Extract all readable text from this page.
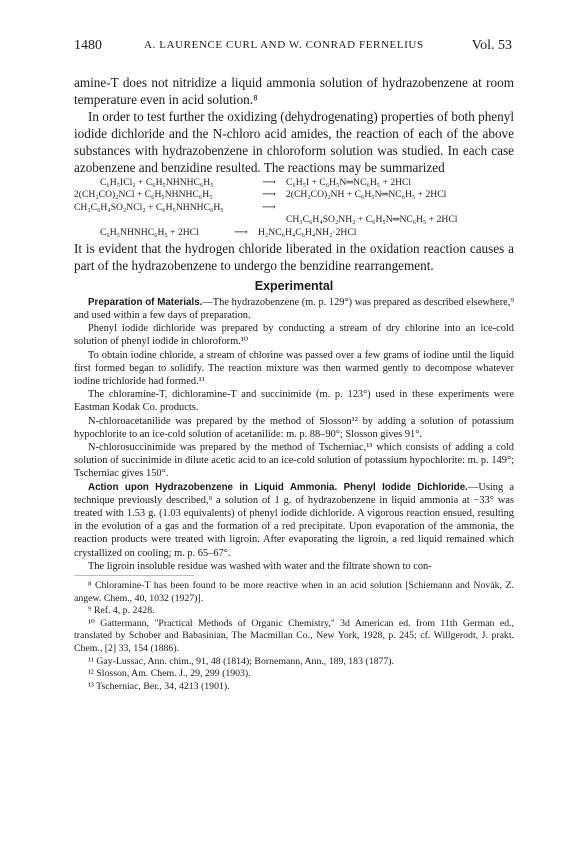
1480	A. LAURENCE CURL AND W. CONRAD FERNELIUS	Vol. 53

amine-T does not nitridize a liquid ammonia solution of hydrazobenzene at room temperature even in acid solution.⁸

In order to test further the oxidizing (dehydrogenating) properties of both phenyl iodide dichloride and the N-chloro acid amides, the reaction of each of the above substances with hydrazobenzene in chloroform solution was studied. In each case azobenzene and benzidine resulted. The reactions may be summarized

C₆H₅ICl₂ + C₆H₅NHNHC₆H₅	⟶ C₆H₅I + C₆H₅N═NC₆H₅ + 2HCl
2(CH₂CO)₂NCl + C₆H₅NHNHC₆H₅	⟶ 2(CH₂CO)₂NH + C₆H₅N═NC₆H₅ + 2HCl
CH₃C₆H₄SO₂NCl₂ + C₆H₅NHNHC₆H₅	⟶
CH₃C₆H₄SO₂NH₂ + C₆H₅N═NC₆H₅ + 2HCl
C₆H₅NHNHC₆H₅ + 2HCl	⟶ H₂NC₆H₄C₆H₄NH₂·2HCl

It is evident that the hydrogen chloride liberated in the oxidation reaction causes a part of the hydrazobenzene to undergo the benzidine rearrangement.

Experimental

Preparation of Materials.—The hydrazobenzene (m. p. 129°) was prepared as described elsewhere,⁹ and used within a few days of preparation.

Phenyl iodide dichloride was prepared by conducting a stream of dry chlorine into an ice-cold solution of phenyl iodide in chloroform.¹⁰

To obtain iodine chloride, a stream of chlorine was passed over a few grams of iodine until the liquid first formed began to solidify. The reaction mixture was then warmed gently to decompose whatever iodine trichloride had formed.¹¹

The chloramine-T, dichloramine-T and succinimide (m. p. 123°) used in these experiments were Eastman Kodak Co. products.

N-chloroacetanilide was prepared by the method of Slosson¹² by adding a solution of potassium hypochlorite to an ice-cold solution of acetanilide: m. p. 88–90°; Slosson gives 91°.

N-chlorosuccinimide was prepared by the method of Tscherniac,¹³ which consists of adding a cold solution of succinimide in dilute acetic acid to an ice-cold solution of potassium hypochlorite: m. p. 149°; Tscherniac gives 150°.

Action upon Hydrazobenzene in Liquid Ammonia. Phenyl Iodide Dichloride.—Using a technique previously described,⁹ a solution of 1 g. of hydrazobenzene in liquid ammonia at −33° was treated with 1.53 g. (1.03 equivalents) of phenyl iodide dichloride. A vigorous reaction ensued, resulting in the evolution of a gas and the formation of a red precipitate. Upon evaporation of the ammonia, the reaction products were treated with ligroin. After evaporating the ligroin, a red liquid remained which crystallized on cooling; m. p. 65–67°.

The ligroin insoluble residue was washed with water and the filtrate shown to con-

⁸ Chloramine-T has been found to be more reactive when in an acid solution [Schiemann and Novák, Z. angew. Chem., 40, 1032 (1927)].

⁹ Ref. 4, p. 2428.

¹⁰ Gattermann, "Practical Methods of Organic Chemistry," 3d American ed. from 11th German ed., translated by Schober and Babasinian, The Macmillan Co., New York, 1928, p. 245; cf. Willgerodt, J. prakt. Chem., [2] 33, 154 (1886).

¹¹ Gay-Lussac, Ann. chim., 91, 48 (1814); Bornemann, Ann., 189, 183 (1877).

¹² Slosson, Am. Chem. J., 29, 299 (1903).

¹³ Tscherniac, Ber., 34, 4213 (1901).
